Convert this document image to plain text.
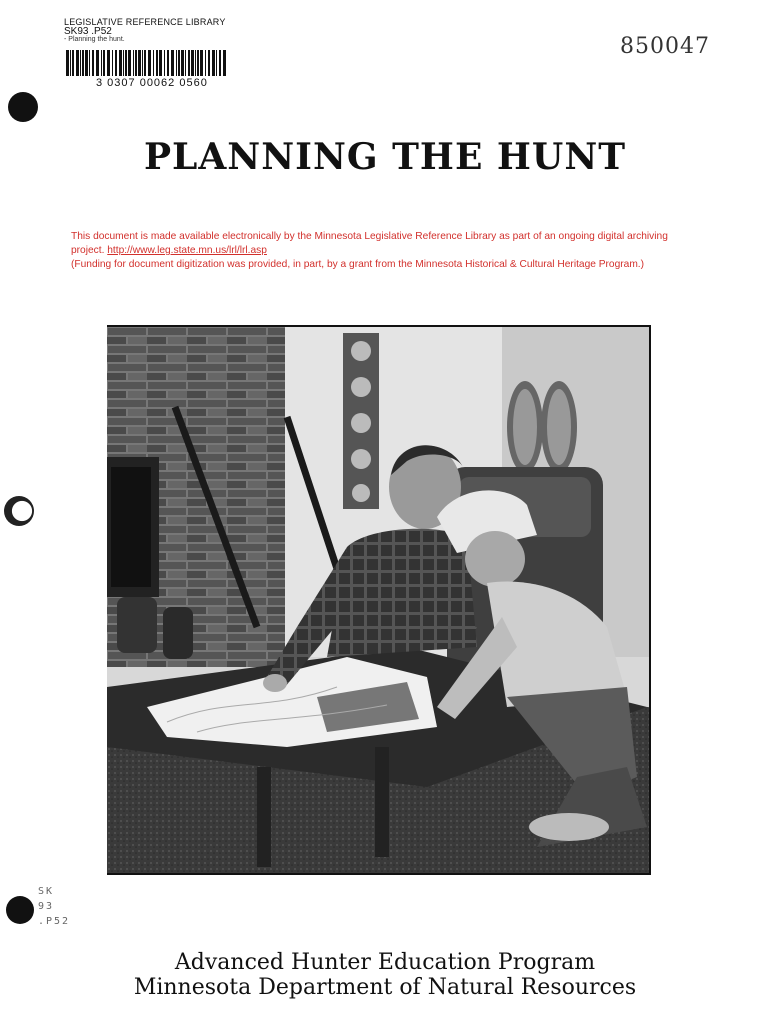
LEGISLATIVE REFERENCE LIBRARY
SK93 .P52
- Planning the hunt.
3 0307 00062 0560
850047
PLANNING THE HUNT
This document is made available electronically by the Minnesota Legislative Reference Library as part of an ongoing digital archiving
project. http://www.leg.state.mn.us/lrl/lrl.asp
(Funding for document digitization was provided, in part, by a grant from the Minnesota Historical & Cultural Heritage Program.)
SK
93
.P52
Advanced Hunter Education Program
Minnesota Department of Natural Resources
